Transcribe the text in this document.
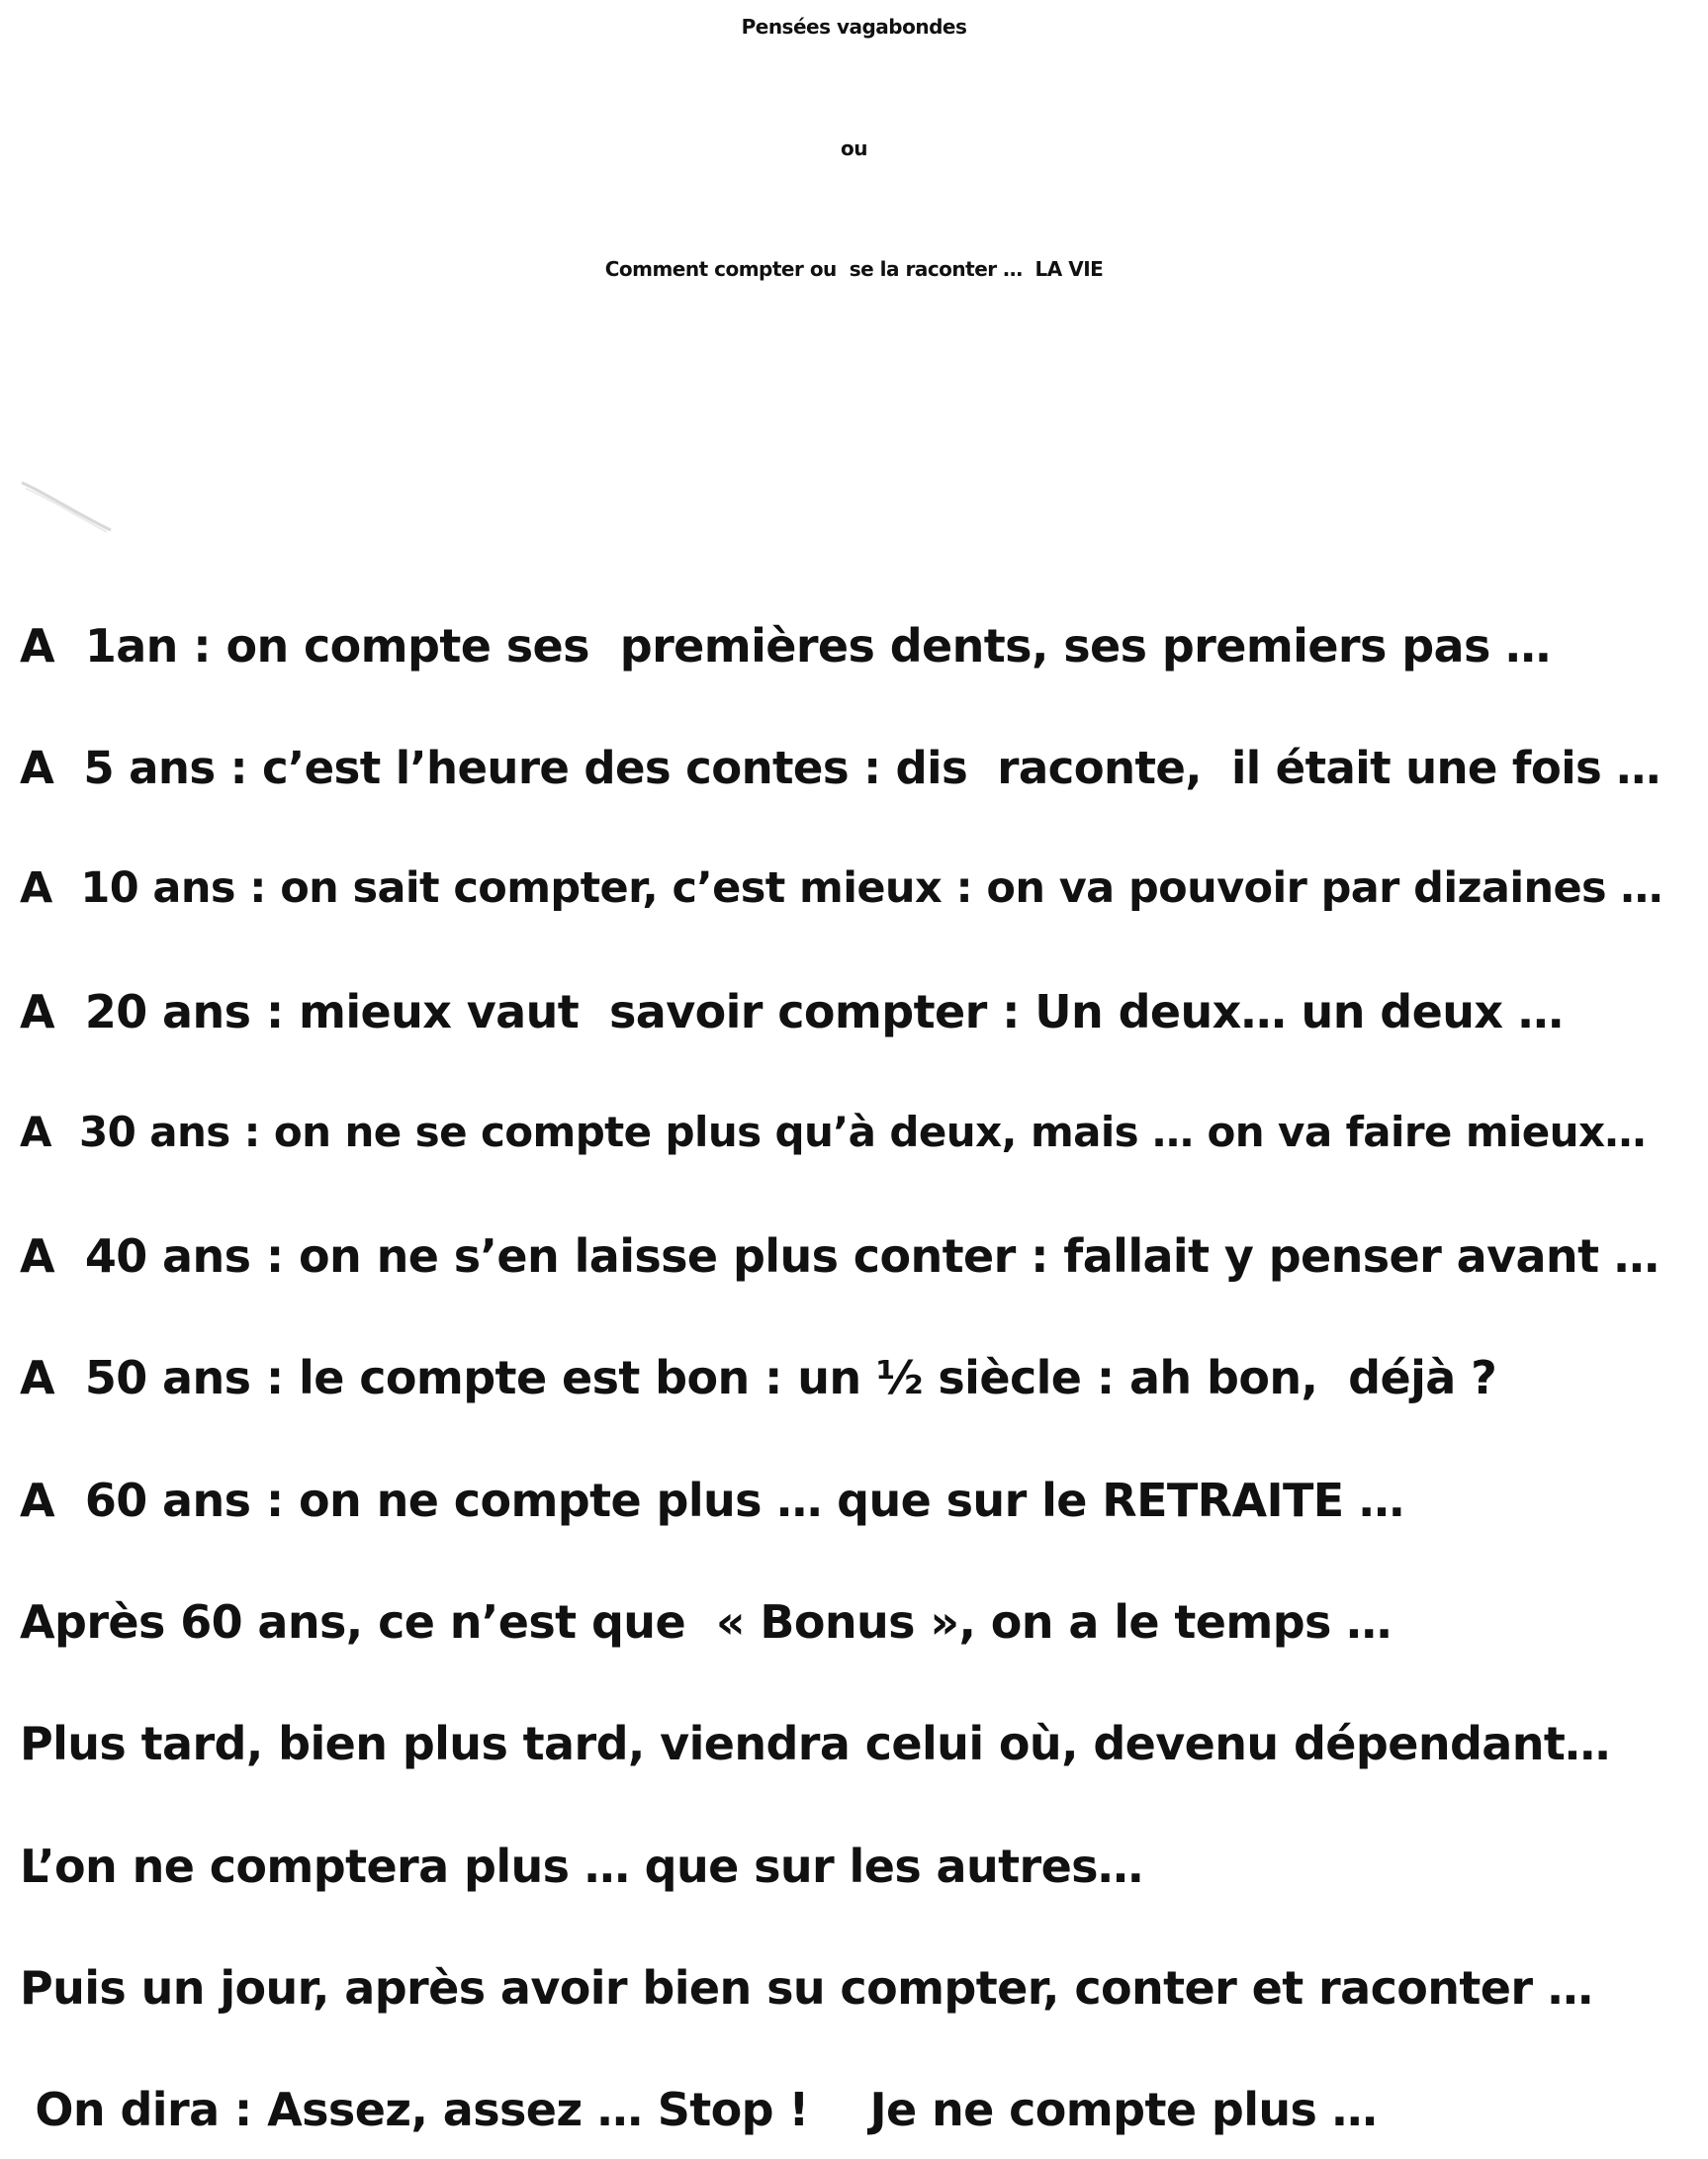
Pensées vagabondes
ou
Comment compter ou  se la raconter …  LA VIE
A  1an : on compte ses  premières dents, ses premiers pas …
A  5 ans : c’est l’heure des contes : dis  raconte,  il était une fois …
A  10 ans : on sait compter, c’est mieux : on va pouvoir par dizaines …
A  20 ans : mieux vaut  savoir compter : Un deux… un deux …
A  30 ans : on ne se compte plus qu’à deux, mais … on va faire mieux…
A  40 ans : on ne s’en laisse plus conter : fallait y penser avant …
A  50 ans : le compte est bon : un ½ siècle : ah bon,  déjà ?
A  60 ans : on ne compte plus … que sur le RETRAITE …
Après 60 ans, ce n’est que  « Bonus », on a le temps …
Plus tard, bien plus tard, viendra celui où, devenu dépendant…
L’on ne comptera plus … que sur les autres…
Puis un jour, après avoir bien su compter, conter et raconter …
On dira : Assez, assez … Stop !    Je ne compte plus …
